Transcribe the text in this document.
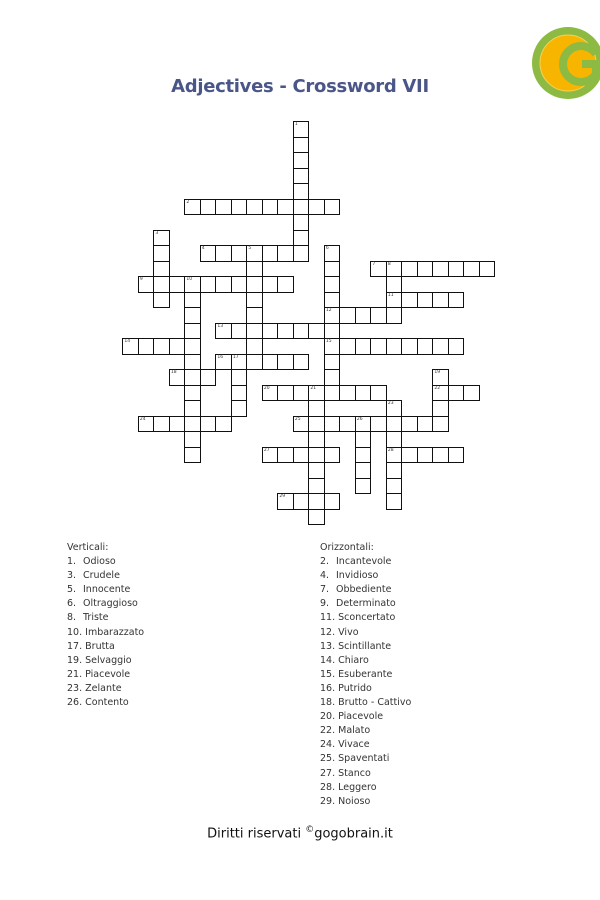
Adjectives - Crossword VII
1
2
3
4	5	6
12
15
7	8
11
9	10
13
14
16 17
18	19
22
20	21
23
28
24	25	26
27
29
Verticali:
1. Odioso
3. Crudele
5. Innocente
6. Oltraggioso
8. Triste
10. Imbarazzato
17. Brutta
19. Selvaggio
21. Piacevole
23. Zelante
26. Contento
Orizzontali:
2. Incantevole
4. Invidioso
7. Obbediente
9. Determinato
11. Sconcertato
12. Vivo
13. Scintillante
14. Chiaro
15. Esuberante
16. Putrido
18. Brutto - Cattivo
20. Piacevole
22. Malato
24. Vivace
25. Spaventati
27. Stanco
28. Leggero
29. Noioso
Diritti riservati ©gogobrain.it
